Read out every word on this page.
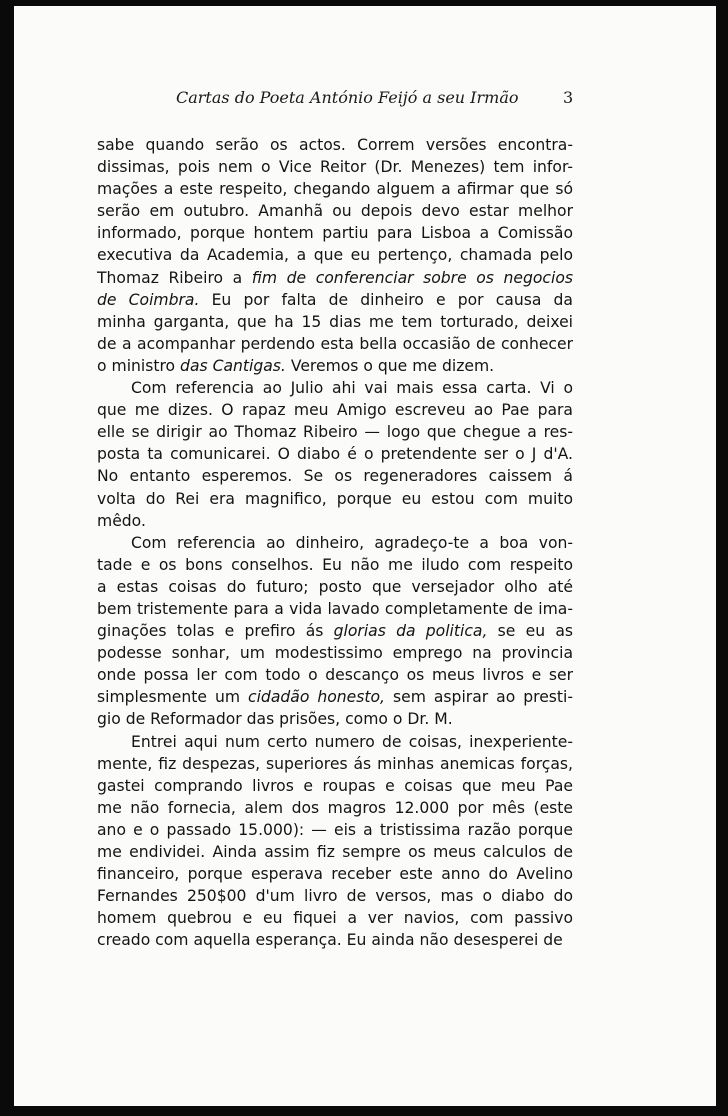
Cartas do Poeta António Feijó a seu Irmão	3
sabe quando serão os actos. Correm versões encontra-
dissimas, pois nem o Vice Reitor (Dr. Menezes) tem infor-
mações a este respeito, chegando alguem a afirmar que só
serão em outubro. Amanhã ou depois devo estar melhor
informado, porque hontem partiu para Lisboa a Comissão
executiva da Academia, a que eu pertenço, chamada pelo
Thomaz Ribeiro a fim de conferenciar sobre os negocios
de Coimbra. Eu por falta de dinheiro e por causa da
minha garganta, que ha 15 dias me tem torturado, deixei
de a acompanhar perdendo esta bella occasião de conhecer
o ministro das Cantigas. Veremos o que me dizem.
Com referencia ao Julio ahi vai mais essa carta. Vi o
que me dizes. O rapaz meu Amigo escreveu ao Pae para
elle se dirigir ao Thomaz Ribeiro — logo que chegue a res-
posta ta comunicarei. O diabo é o pretendente ser o J d'A.
No entanto esperemos. Se os regeneradores caissem á
volta do Rei era magnifico, porque eu estou com muito
mêdo.
Com referencia ao dinheiro, agradeço-te a boa von-
tade e os bons conselhos. Eu não me iludo com respeito
a estas coisas do futuro; posto que versejador olho até
bem tristemente para a vida lavado completamente de ima-
ginações tolas e prefiro ás glorias da politica, se eu as
podesse sonhar, um modestissimo emprego na provincia
onde possa ler com todo o descanço os meus livros e ser
simplesmente um cidadão honesto, sem aspirar ao presti-
gio de Reformador das prisões, como o Dr. M.
Entrei aqui num certo numero de coisas, inexperiente-
mente, fiz despezas, superiores ás minhas anemicas forças,
gastei comprando livros e roupas e coisas que meu Pae
me não fornecia, alem dos magros 12.000 por mês (este
ano e o passado 15.000): — eis a tristissima razão porque
me endividei. Ainda assim fiz sempre os meus calculos de
financeiro, porque esperava receber este anno do Avelino
Fernandes 250$00 d'um livro de versos, mas o diabo do
homem quebrou e eu fiquei a ver navios, com passivo
creado com aquella esperança. Eu ainda não desesperei de
